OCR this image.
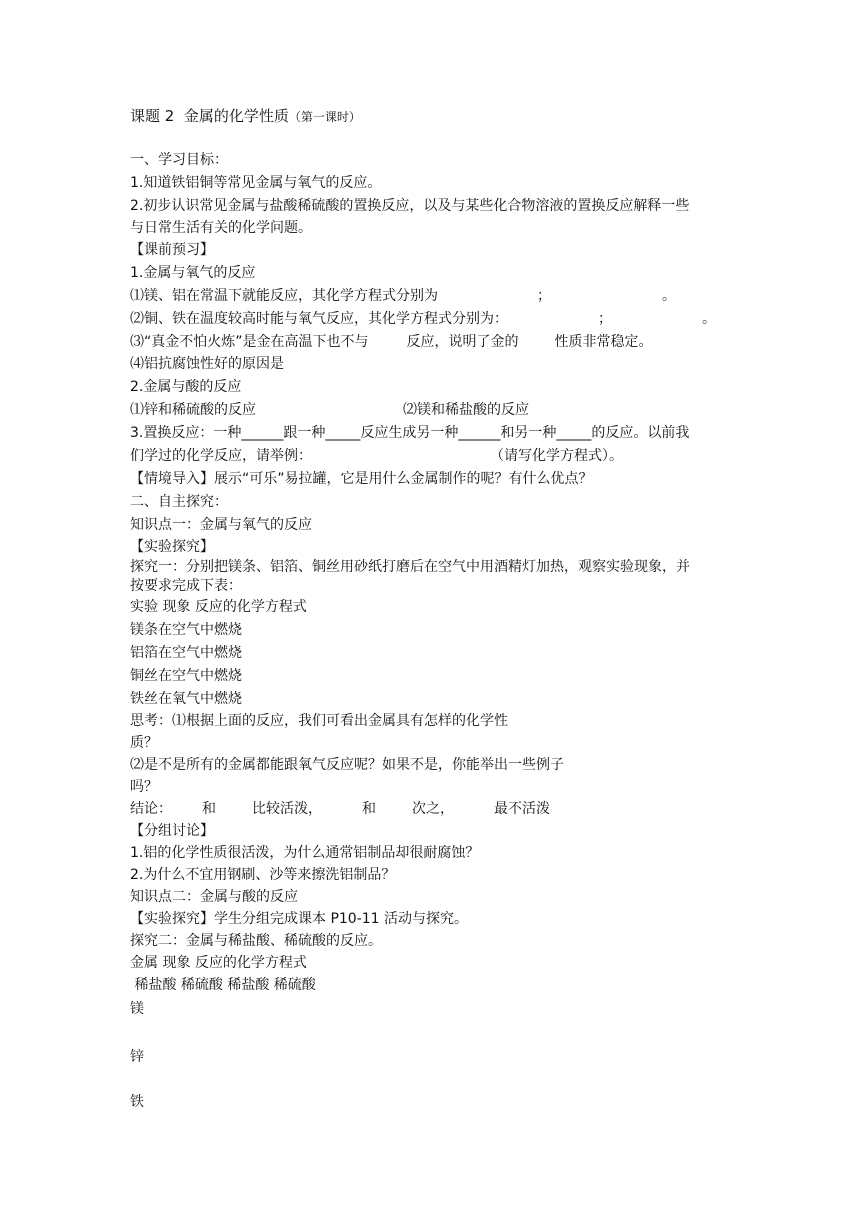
课题 2  金属的化学性质（第一课时）
一、学习目标：
1.知道铁铝铜等常见金属与氧气的反应。
2.初步认识常见金属与盐酸稀硫酸的置换反应，以及与某些化合物溶液的置换反应解释一些
与日常生活有关的化学问题。
【课前预习】
1.金属与氧气的反应
⑴镁、铝在常温下就能反应，其化学方程式分别为	；	。
⑵铜、铁在温度较高时能与氧气反应，其化学方程式分别为：	；	。
⑶“真金不怕火炼”是金在高温下也不与	反应，说明了金的	性质非常稳定。
⑷铝抗腐蚀性好的原因是
2.金属与酸的反应
⑴锌和稀硫酸的反应	⑵镁和稀盐酸的反应
3.置换反应：一种______跟一种_____反应生成另一种______和另一种_____的反应。以前我
们学过的化学反应，请举例：	（请写化学方程式）。
【情境导入】展示“可乐”易拉罐，它是用什么金属制作的呢？有什么优点？
二、自主探究：
知识点一：金属与氧气的反应
【实验探究】
探究一：分别把镁条、铝箔、铜丝用砂纸打磨后在空气中用酒精灯加热，观察实验现象，并
按要求完成下表：
实验 现象 反应的化学方程式
镁条在空气中燃烧
铝箔在空气中燃烧
铜丝在空气中燃烧
铁丝在氧气中燃烧
思考：⑴根据上面的反应，我们可看出金属具有怎样的化学性
质？
⑵是不是所有的金属都能跟氧气反应呢？如果不是，你能举出一些例子
吗？
结论： 和	比较活泼，	和	次之，	最不活泼
【分组讨论】
1.铝的化学性质很活泼，为什么通常铝制品却很耐腐蚀？
2.为什么不宜用钢刷、沙等来擦洗铝制品？
知识点二：金属与酸的反应
【实验探究】学生分组完成课本 P10-11 活动与探究。
探究二：金属与稀盐酸、稀硫酸的反应。
金属 现象 反应的化学方程式
稀盐酸 稀硫酸 稀盐酸 稀硫酸
镁
锌
铁
